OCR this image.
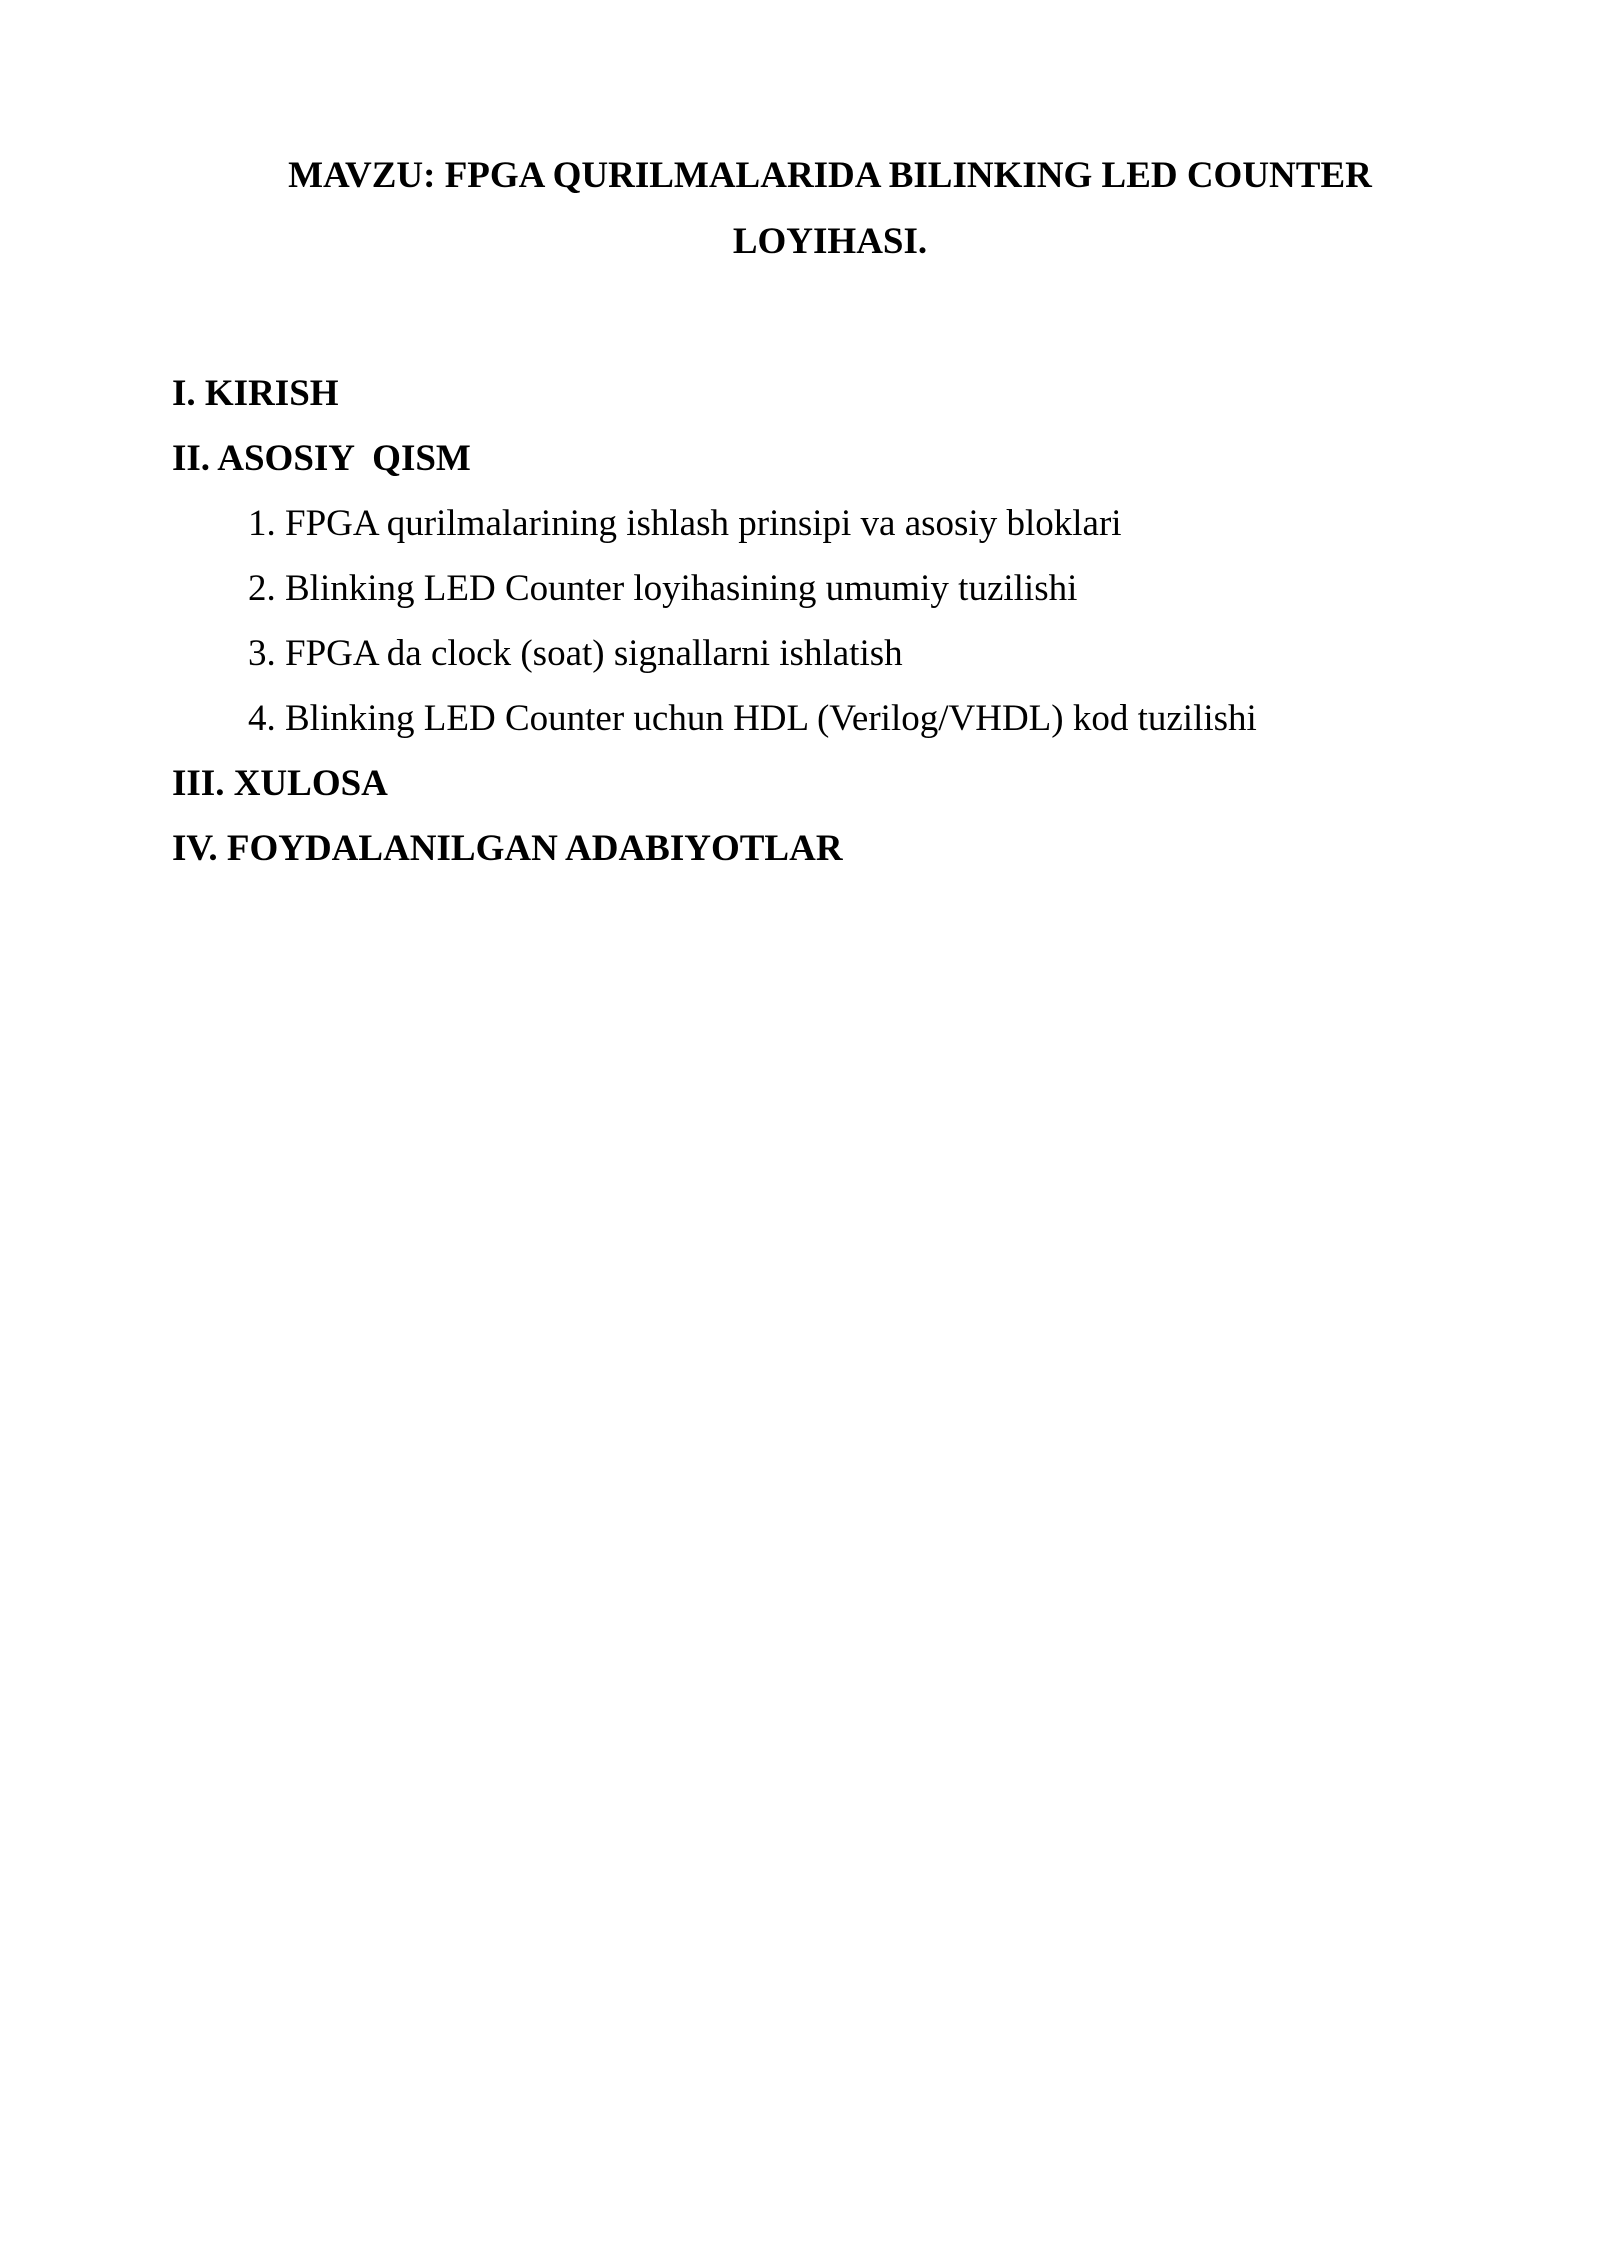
MAVZU: FPGA QURILMALARIDA BILINKING LED COUNTER
LOYIHASI.
I. KIRISH
II. ASOSIY  QISM
1. FPGA qurilmalarining ishlash prinsipi va asosiy bloklari
2. Blinking LED Counter loyihasining umumiy tuzilishi
3. FPGA da clock (soat) signallarni ishlatish
4. Blinking LED Counter uchun HDL (Verilog/VHDL) kod tuzilishi
III. XULOSA
IV. FOYDALANILGAN ADABIYOTLAR
